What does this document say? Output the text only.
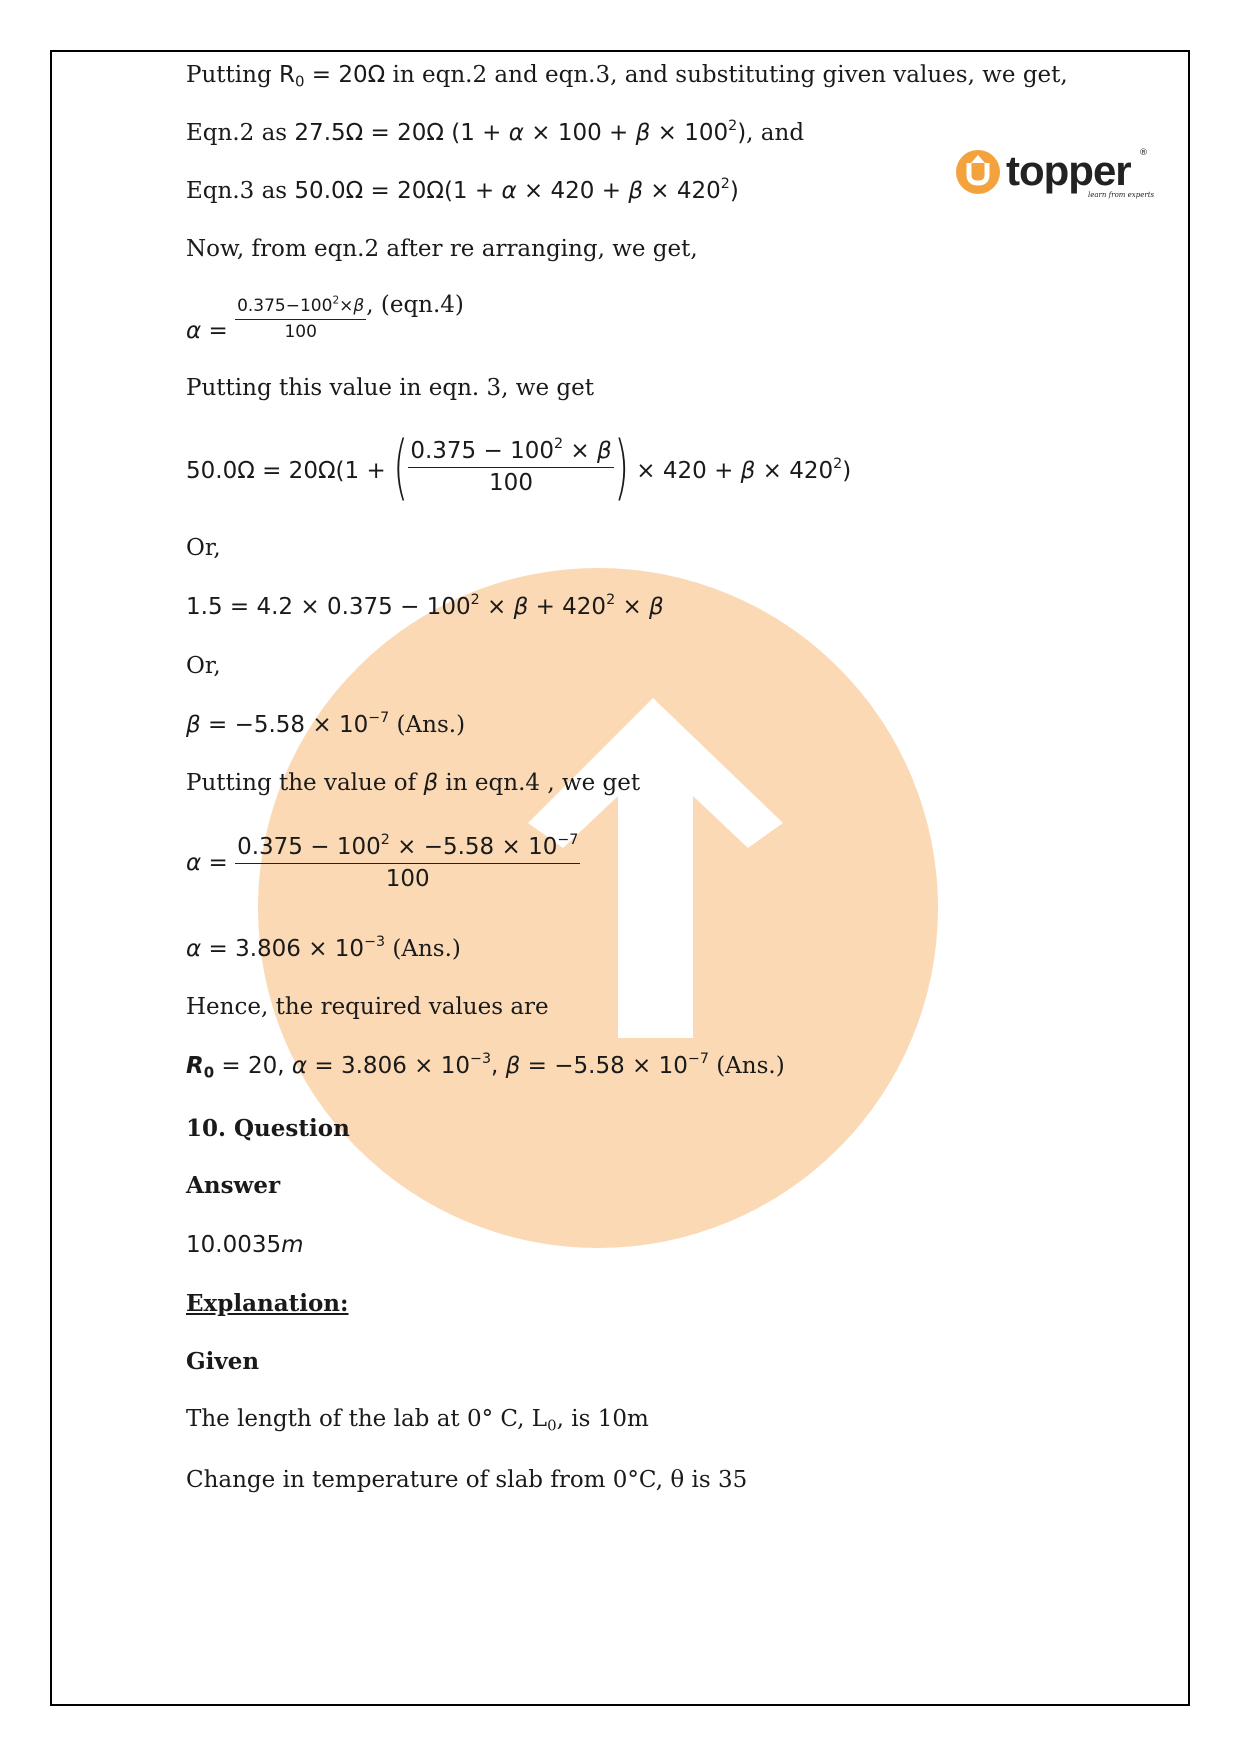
topper
learn from experts
®
Putting $R_0 = 20\Omega$ in eqn.2 and eqn.3, and substituting given values, we get,
Eqn.2 as 27.5Ω = 20Ω $(1 + \alpha \times 100 + \beta \times 100^2)$, and
Eqn.3 as $50.0\Omega = 20\Omega(1 + \alpha \times 420 + \beta \times 420^2)$
Now, from eqn.2 after re arranging, we get,
$\alpha = \frac{0.375-100^2\times\beta}{100}$ , (eqn.4)
Putting this value in eqn. 3, we get
50.0Ω = 20Ω(1 + ( $\frac{0.375 - 100^2 \times \beta}{100}$ ) × $420 + \beta \times 420^2$)
Or,
$1.5 = 4.2 \times 0.375 - 100^2 \times \beta + 420^2 \times \beta$
Or,
$\beta = -5.58 \times 10^{-7}$ (Ans.)
Putting the value of β in eqn.4 , we get
$\alpha = \frac{0.375 - 100^2 \times -5.58 \times 10^{-7}}{100}$
$\alpha = 3.806 \times 10^{-3}$ (Ans.)
Hence, the required values are
$R_0 = 20$, $\alpha = 3.806 \times 10^{-3}$, $\beta = -5.58 \times 10^{-7}$ (Ans.)
10. Question
Answer
10.0035m
Explanation:
Given
The length of the lab at 0° C, $L_0$, is 10m
Change in temperature of slab from 0°C, θ is 35
